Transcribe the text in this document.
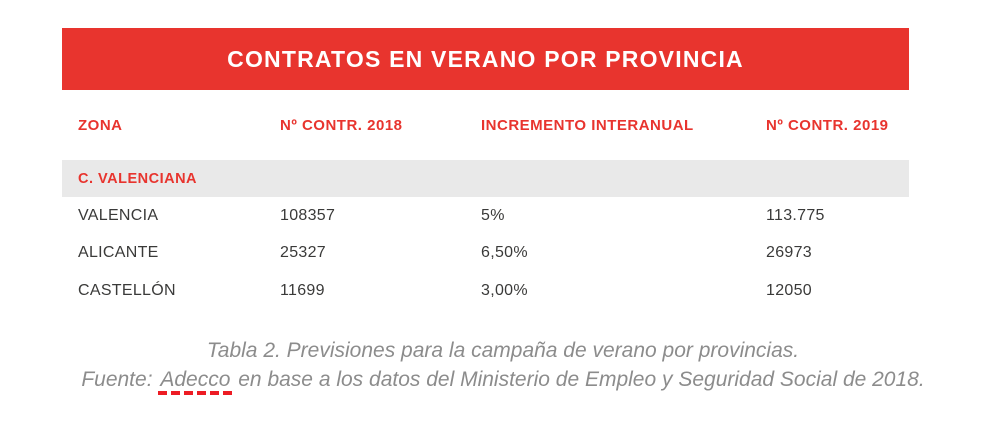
CONTRATOS EN VERANO POR PROVINCIA
ZONA	Nº CONTR. 2018	INCREMENTO INTERANUAL	Nº CONTR. 2019
C. VALENCIANA
VALENCIA	108357	5%	113.775
ALICANTE	25327	6,50%	26973
CASTELLÓN	11699	3,00%	12050
Tabla 2. Previsiones para la campaña de verano por provincias.
Fuente: Adecco en base a los datos del Ministerio de Empleo y Seguridad Social de 2018.
